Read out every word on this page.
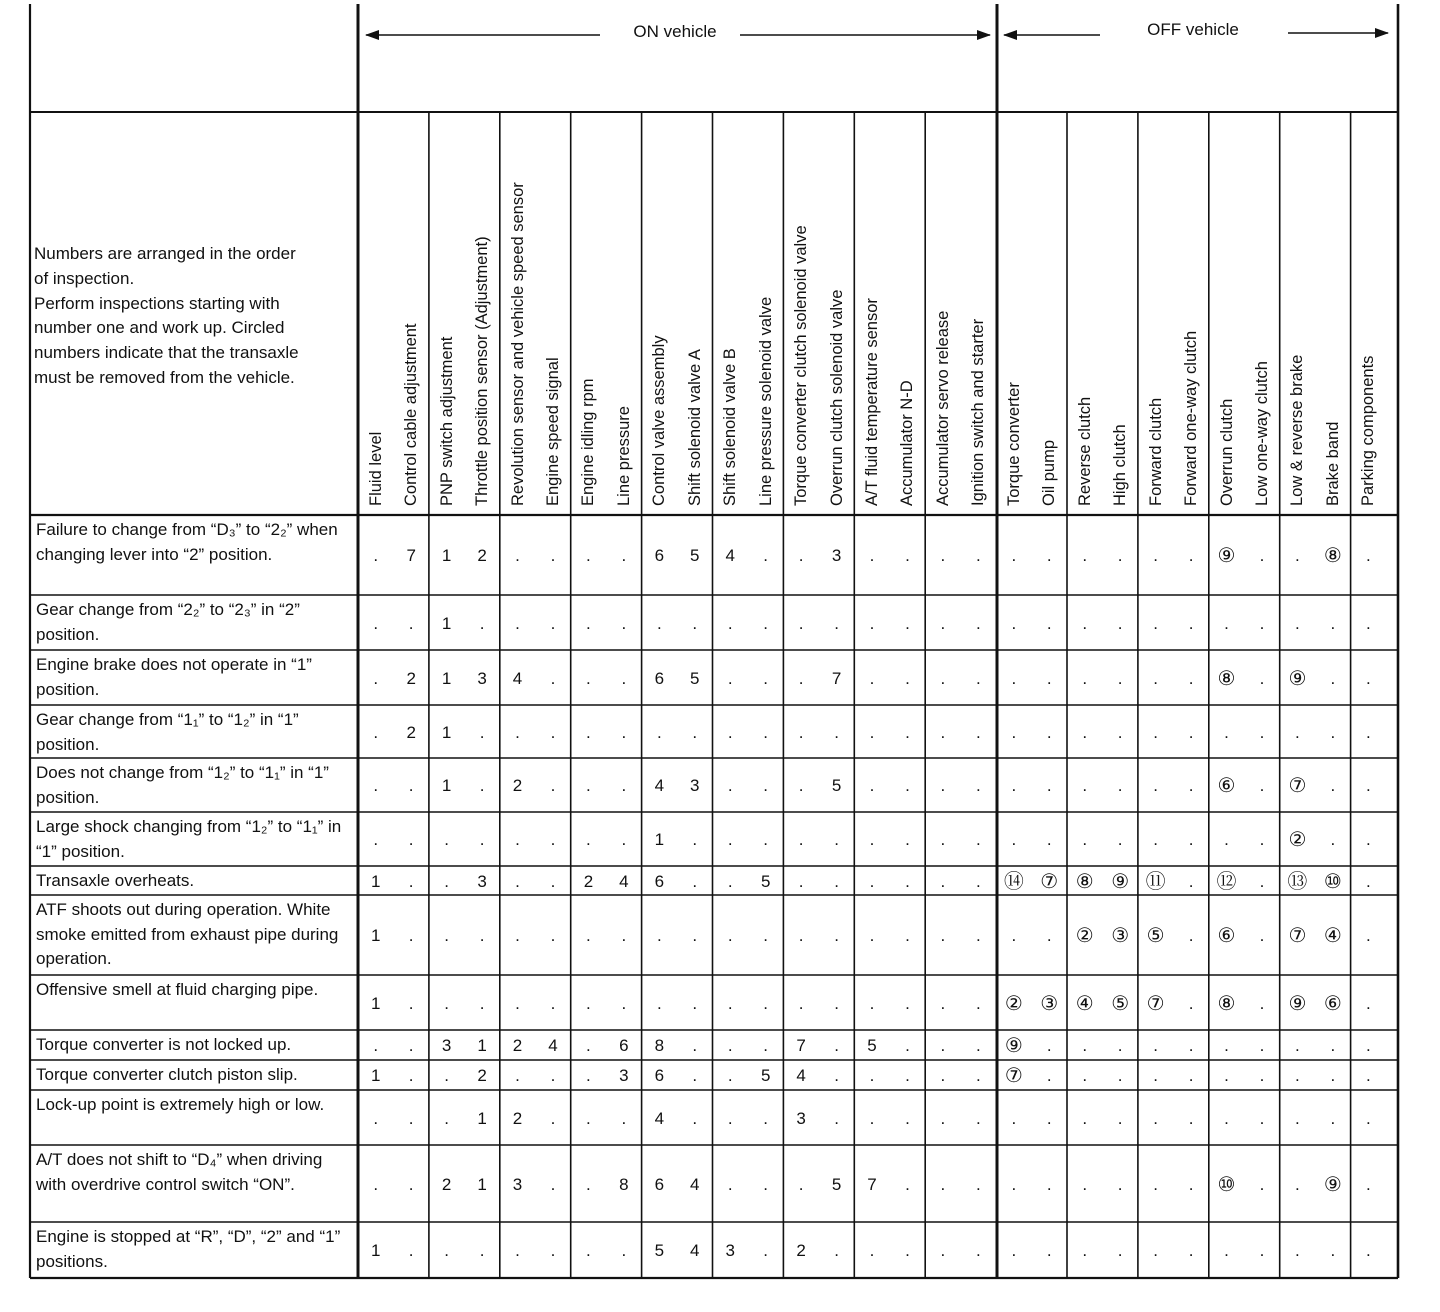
ON vehicle	OFF vehicle

Numbers are arranged in the order

of inspection.

Perform inspections starting with

number one and work up. Circled

numbers indicate that the transaxle

must be removed from the vehicle.

Fluid level Control cable adjustment PNP switch adjustment Throttle position sensor (Adjustment) Revolution sensor and vehicle speed sensor Engine speed signal Engine idling rpm Line pressure Control valve assembly Shift solenoid valve A Shift solenoid valve B Line pressure solenoid valve Torque converter clutch solenoid valve Overrun clutch solenoid valve A/T fluid temperature sensor Accumulator N-D Accumulator servo release Ignition switch and starter Torque converter Oil pump Reverse clutch High clutch Forward clutch Forward one-way clutch Overrun clutch Low one-way clutch Low & reverse brake Brake band Parking components
Failure to change from “D₃” to “2₂” when changing lever into “2” position.
Gear change from “2₂” to “2₃” in “2” position.
Engine brake does not operate in “1” position.
Gear change from “1₁” to “1₂” in “1” position.
Does not change from “1₂” to “1₁” in “1” position.
Large shock changing from “1₂” to “1₁” in “1” position.
Transaxle overheats.
ATF shoots out during operation. White smoke emitted from exhaust pipe during operation.
Offensive smell at fluid charging pipe.
Torque converter is not locked up.
Torque converter clutch piston slip.
Lock-up point is extremely high or low.
A/T does not shift to “D₄” when driving with overdrive control switch “ON”.
Engine is stopped at “R”, “D”, “2” and “1” positions.
. 7 1 2 . . . . 6 5 4 . . 3 . . . . . . . . . . ⑨ . . ⑧ .
. . 1 . . . . . . . . . . . . . . . . . . . . . . . . . .
. 2 1 3 4 . . . 6 5 . . . 7 . . . . . . . . . . ⑧ . ⑨ . .
. 2 1 . . . . . . . . . . . . . . . . . . . . . . . . . .
. . 1 . 2 . . . 4 3 . . . 5 . . . . . . . . . . ⑥ . ⑦ . .
. . . . . . . . 1 . . . . . . . . . . . . . . . . . ② . .
1 . . 3 . . 2 4 6 . . 5 . . . . . . ⑭ ⑦ ⑧ ⑨ ⑪ . ⑫ . ⑬ ⑩ .
1 . . . . . . . . . . . . . . . . . . . ② ③ ⑤ . ⑥ . ⑦ ④ .
1 . . . . . . . . . . . . . . . . . ② ③ ④ ⑤ ⑦ . ⑧ . ⑨ ⑥ .
. . 3 1 2 4 . 6 8 . . . 7 . 5 . . . ⑨ . . . . . . . . . .
1 . . 2 . . . 3 6 . . 5 4 . . . . . ⑦ . . . . . . . . . .
. . . 1 2 . . . 4 . . . 3 . . . . . . . . . . . . . . . .
. . 2 1 3 . . 8 6 4 . . . 5 7 . . . . . . . . . ⑩ . . ⑨ .
1 . . . . . . . 5 4 3 . 2 . . . . . . . . . . . . . . . .
